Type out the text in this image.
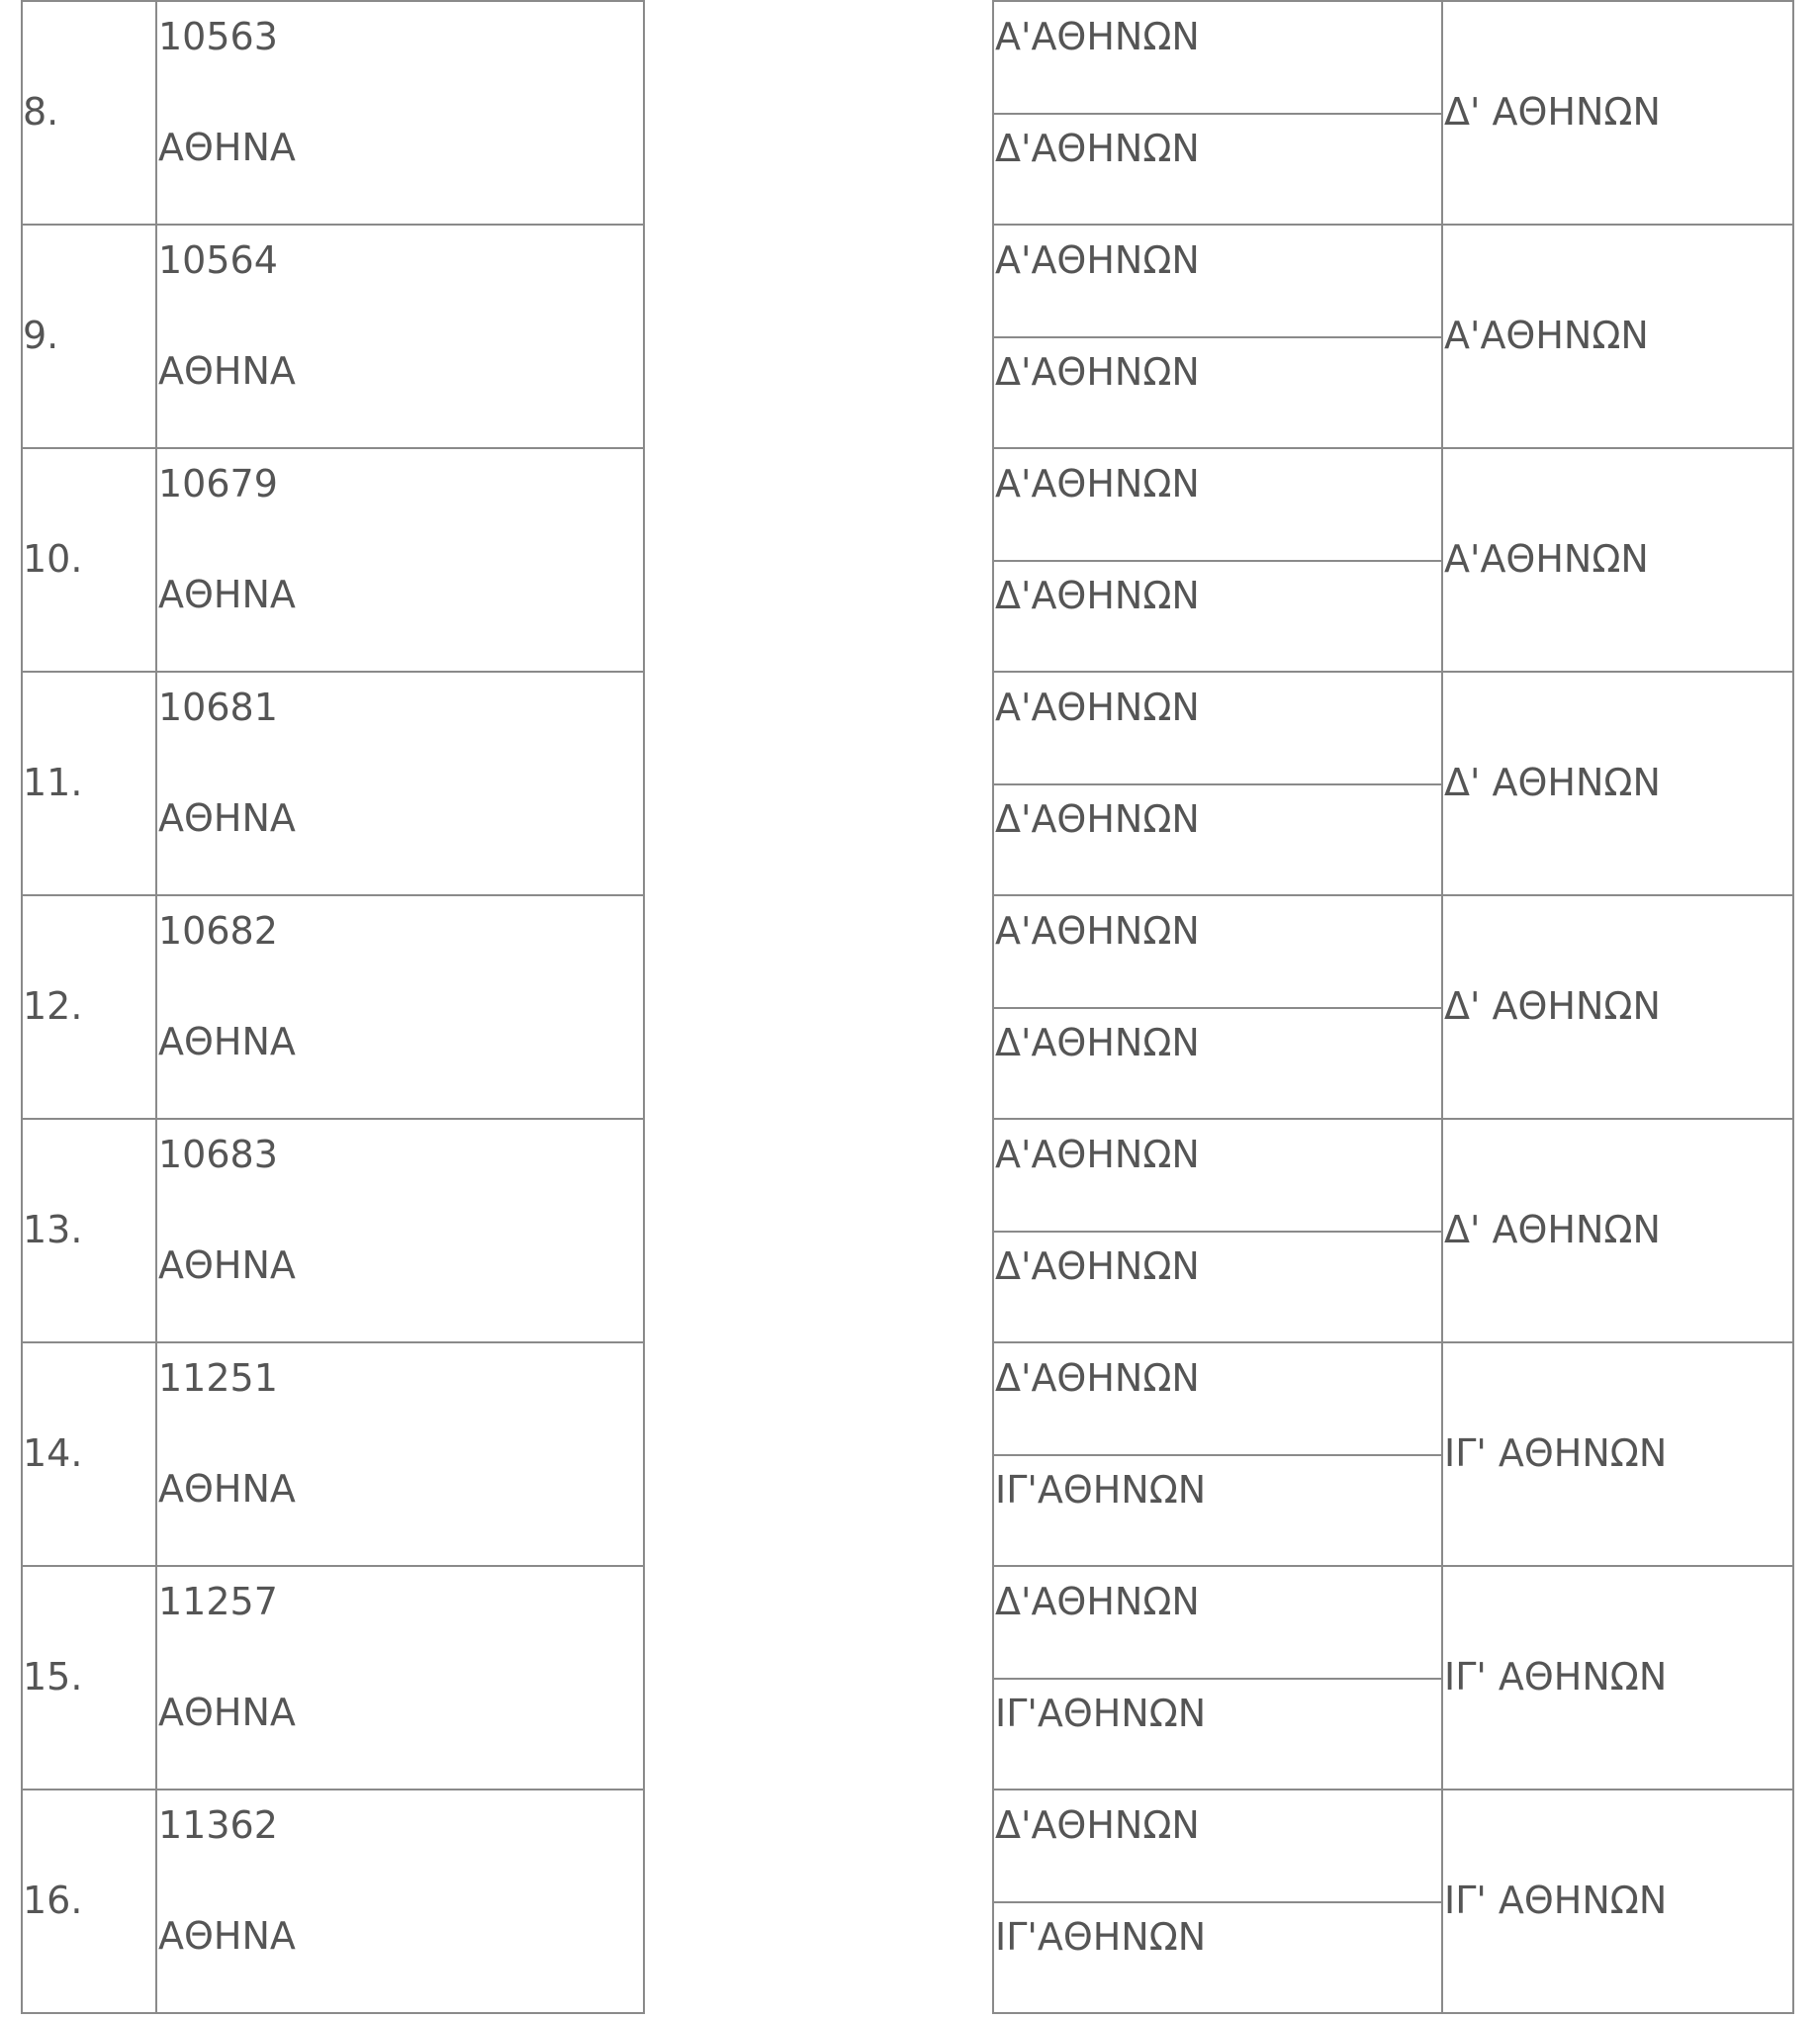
8.
10563
ΑΘΗΝΑ
Α'ΑΘΗΝΩΝ
Δ'ΑΘΗΝΩΝ
Δ' ΑΘΗΝΩΝ
9.
10564
ΑΘΗΝΑ
Α'ΑΘΗΝΩΝ
Δ'ΑΘΗΝΩΝ
Α'ΑΘΗΝΩΝ
10.
10679
ΑΘΗΝΑ
Α'ΑΘΗΝΩΝ
Δ'ΑΘΗΝΩΝ
Α'ΑΘΗΝΩΝ
11.
10681
ΑΘΗΝΑ
Α'ΑΘΗΝΩΝ
Δ'ΑΘΗΝΩΝ
Δ' ΑΘΗΝΩΝ
12.
10682
ΑΘΗΝΑ
Α'ΑΘΗΝΩΝ
Δ'ΑΘΗΝΩΝ
Δ' ΑΘΗΝΩΝ
13.
10683
ΑΘΗΝΑ
Α'ΑΘΗΝΩΝ
Δ'ΑΘΗΝΩΝ
Δ' ΑΘΗΝΩΝ
14.
11251
ΑΘΗΝΑ
Δ'ΑΘΗΝΩΝ
ΙΓ'ΑΘΗΝΩΝ
ΙΓ' ΑΘΗΝΩΝ
15.
11257
ΑΘΗΝΑ
Δ'ΑΘΗΝΩΝ
ΙΓ'ΑΘΗΝΩΝ
ΙΓ' ΑΘΗΝΩΝ
16.
11362
ΑΘΗΝΑ
Δ'ΑΘΗΝΩΝ
ΙΓ'ΑΘΗΝΩΝ
ΙΓ' ΑΘΗΝΩΝ
